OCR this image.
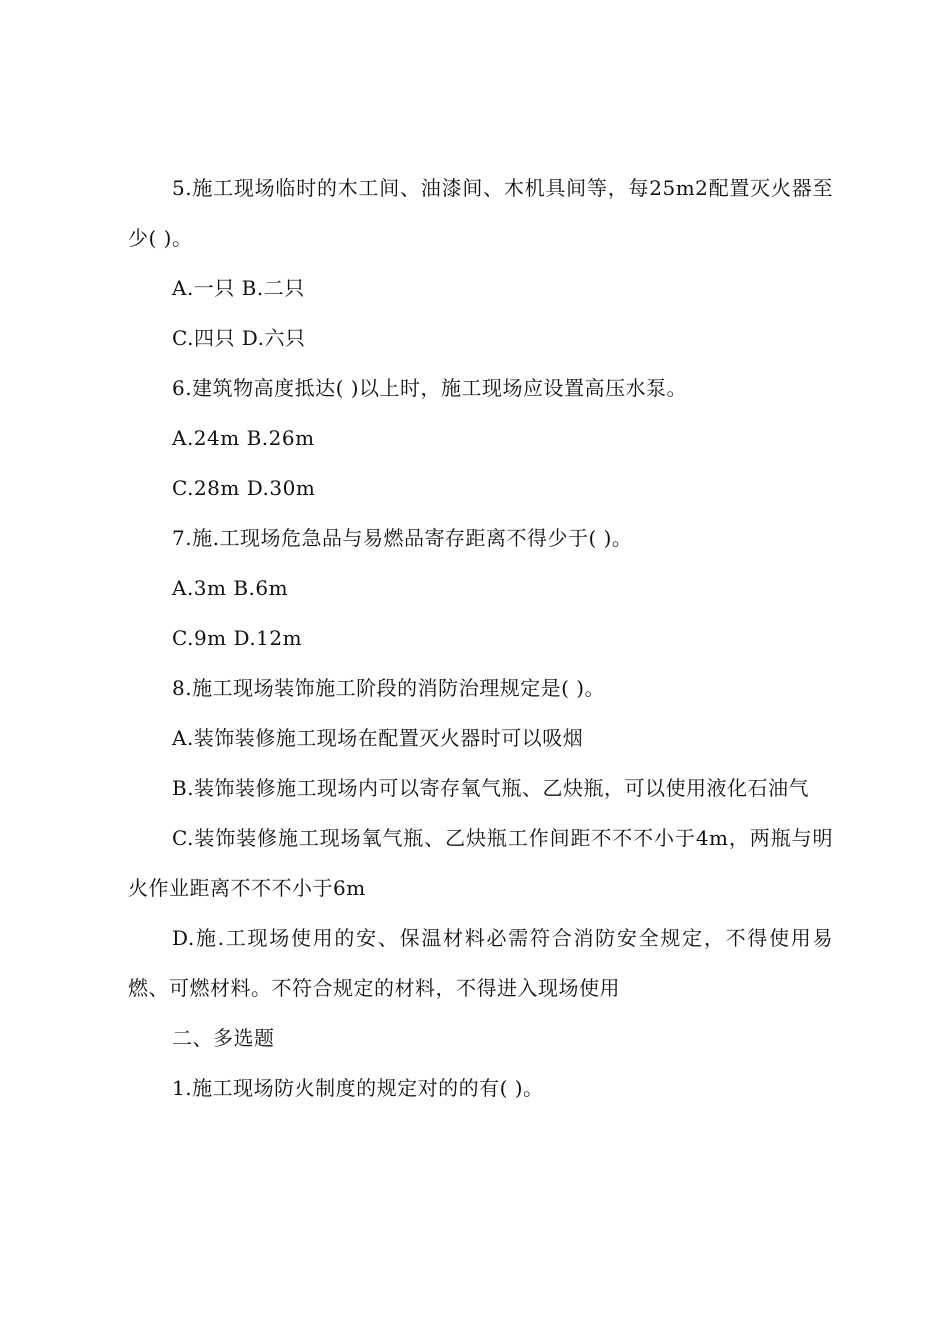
5.施工现场临时的木工间、油漆间、木机具间等，每25m2配置灭火器至少( )。

A.一只 B.二只

C.四只 D.六只

6.建筑物高度抵达( )以上时，施工现场应设置高压水泵。

A.24m B.26m

C.28m D.30m

7.施.工现场危急品与易燃品寄存距离不得少于( )。

A.3m B.6m

C.9m D.12m

8.施工现场装饰施工阶段的消防治理规定是( )。

A.装饰装修施工现场在配置灭火器时可以吸烟

B.装饰装修施工现场内可以寄存氧气瓶、乙炔瓶，可以使用液化石油气

C.装饰装修施工现场氧气瓶、乙炔瓶工作间距不不不小于4m，两瓶与明火作业距离不不不小于6m

D.施.工现场使用的安、保温材料必需符合消防安全规定，不得使用易燃、可燃材料。不符合规定的材料，不得进入现场使用

二、多选题

1.施工现场防火制度的规定对的的有( )。
